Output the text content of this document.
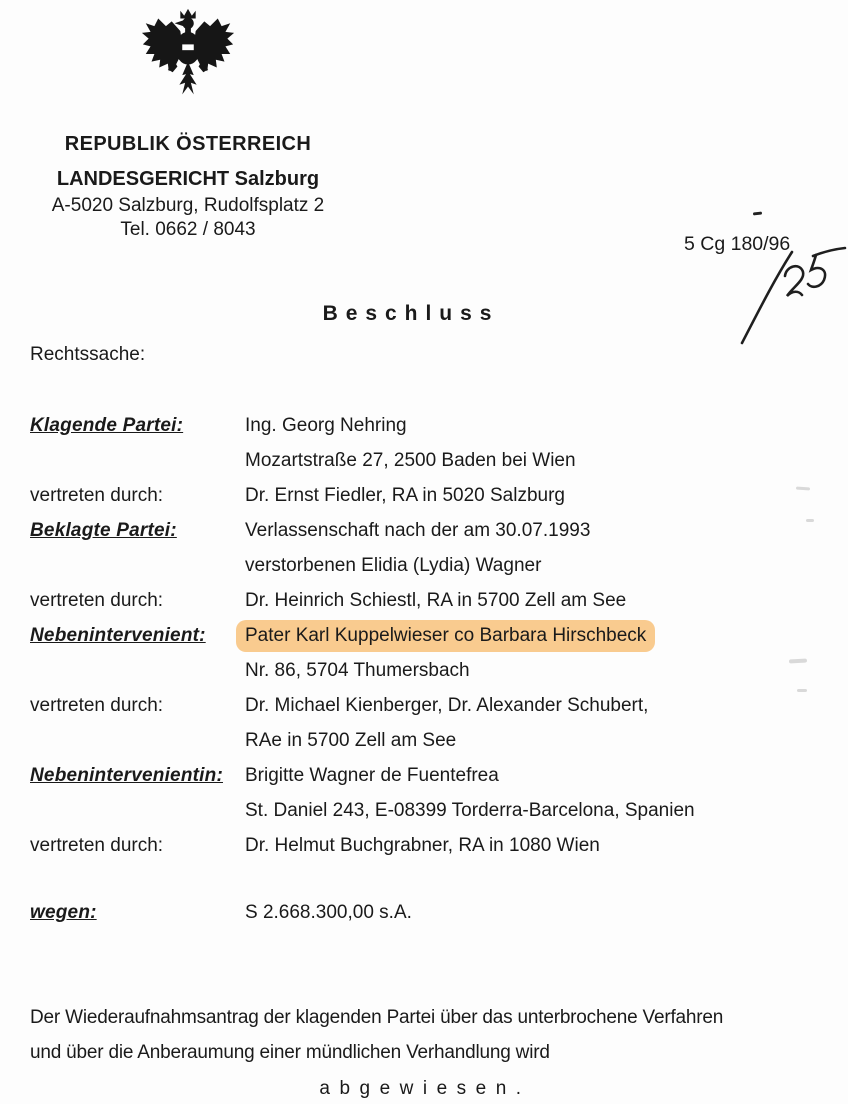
REPUBLIK ÖSTERREICH
LANDESGERICHT Salzburg
A-5020 Salzburg, Rudolfsplatz 2
Tel. 0662 / 8043
5 Cg 180/96
Beschluss
Rechtssache:
Klagende Partei:	Ing. Georg Nehring
Mozartstraße 27, 2500 Baden bei Wien
vertreten durch:	Dr. Ernst Fiedler, RA in 5020 Salzburg
Beklagte Partei:	Verlassenschaft nach der am 30.07.1993
verstorbenen Elidia (Lydia) Wagner
vertreten durch:	Dr. Heinrich Schiestl, RA in 5700 Zell am See
Nebenintervenient:	Pater Karl Kuppelwieser co Barbara Hirschbeck
Nr. 86, 5704 Thumersbach
vertreten durch:	Dr. Michael Kienberger, Dr. Alexander Schubert,
RAe in 5700 Zell am See
Nebenintervenientin:	Brigitte Wagner de Fuentefrea
St. Daniel 243, E-08399 Torderra-Barcelona, Spanien
vertreten durch:	Dr. Helmut Buchgrabner, RA in 1080 Wien
wegen:	S 2.668.300,00 s.A.
Der Wiederaufnahmsantrag der klagenden Partei über das unterbrochene Verfahren
und über die Anberaumung einer mündlichen Verhandlung wird
abgewiesen.
